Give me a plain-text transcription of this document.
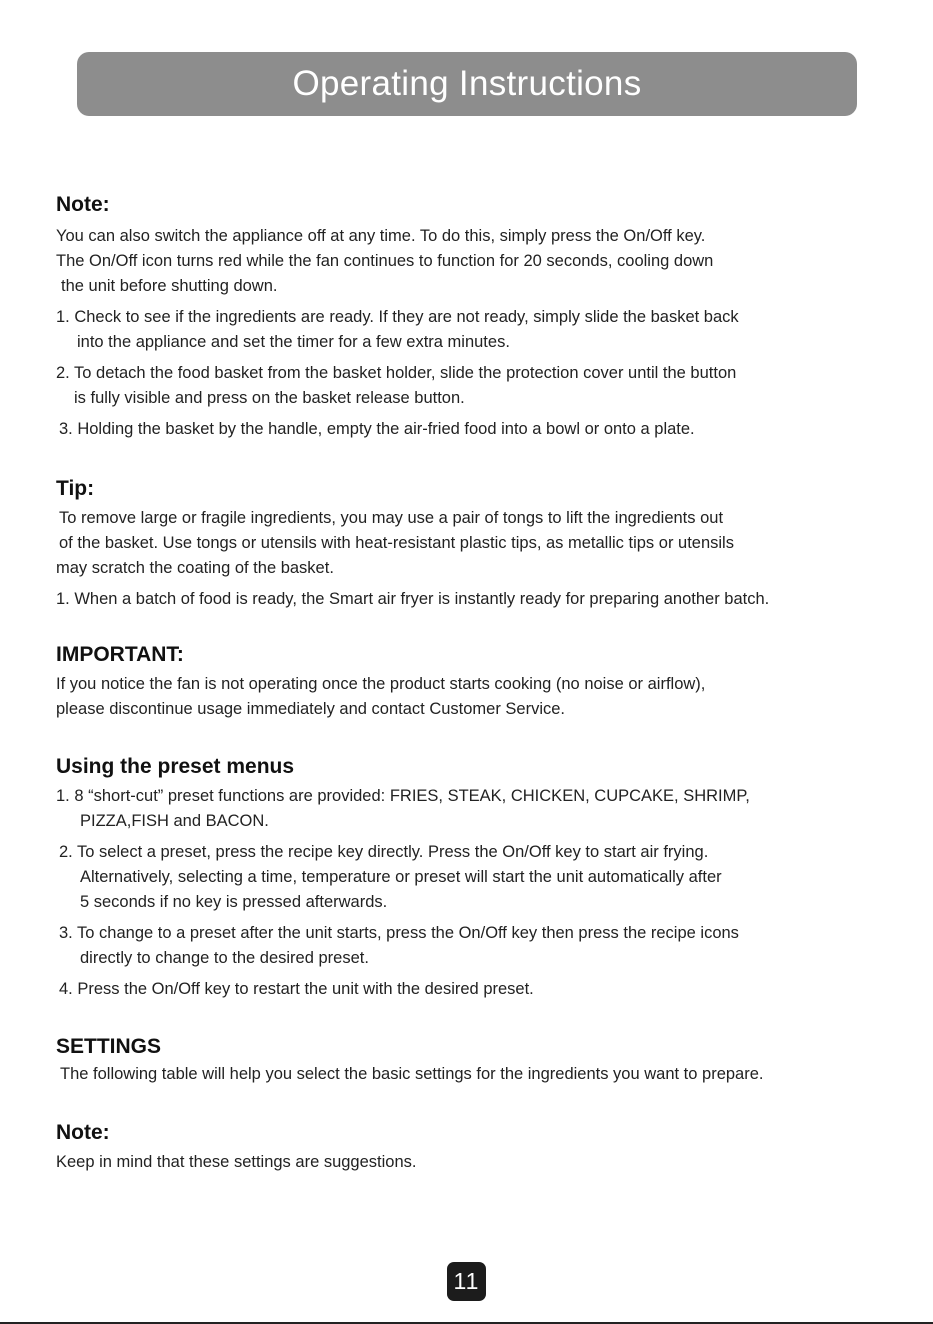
Operating Instructions
Note:

You can also switch the appliance off at any time. To do this, simply press the On/Off key.

The On/Off icon turns red while the fan continues to function for 20 seconds, cooling down

the unit before shutting down.

1. Check to see if the ingredients are ready. If they are not ready, simply slide the basket back

into the appliance and set the timer for a few extra minutes.

2. To detach the food basket from the basket holder, slide the protection cover until the button

is fully visible and press on the basket release button.

3. Holding the basket by the handle, empty the air-fried food into a bowl or onto a plate.

Tip:

To remove large or fragile ingredients, you may use a pair of tongs to lift the ingredients out

of the basket. Use tongs or utensils with heat-resistant plastic tips, as metallic tips or utensils

may scratch the coating of the basket.

1. When a batch of food is ready, the Smart air fryer is instantly ready for preparing another batch.

IMPORTANT:

If you notice the fan is not operating once the product starts cooking (no noise or airflow),

please discontinue usage immediately and contact Customer Service.

Using the preset menus

1. 8 “short-cut” preset functions are provided: FRIES, STEAK, CHICKEN, CUPCAKE, SHRIMP,

PIZZA,FISH and BACON.

2. To select a preset, press the recipe key directly. Press the On/Off key to start air frying.

Alternatively, selecting a time, temperature or preset will start the unit automatically after

5 seconds if no key is pressed afterwards.

3. To change to a preset after the unit starts, press the On/Off key then press the recipe icons

directly to change to the desired preset.

4. Press the On/Off key to restart the unit with the desired preset.

SETTINGS

The following table will help you select the basic settings for the ingredients you want to prepare.

Note:

Keep in mind that these settings are suggestions.

11
